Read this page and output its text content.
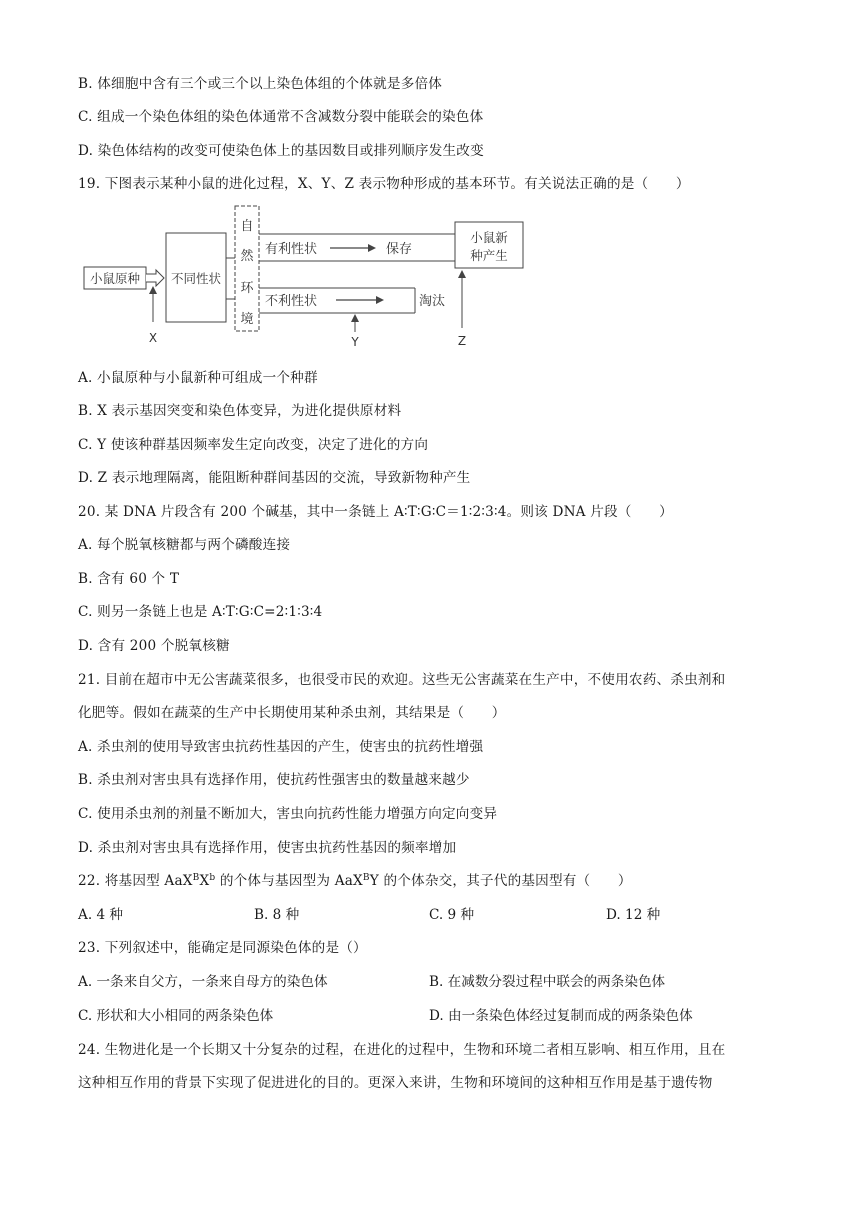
B. 体细胞中含有三个或三个以上染色体组的个体就是多倍体
C. 组成一个染色体组的染色体通常不含减数分裂中能联会的染色体
D. 染色体结构的改变可使染色体上的基因数目或排列顺序发生改变
19. 下图表示某种小鼠的进化过程，X、Y、Z 表示物种形成的基本环节。有关说法正确的是（　　）
小鼠原种 不同性状
自
然
环
境
有利性状	保存
小鼠新
种产生
不利性状	淘汰
X	Y	Z
A. 小鼠原种与小鼠新种可组成一个种群
B. X 表示基因突变和染色体变异，为进化提供原材料
C. Y 使该种群基因频率发生定向改变，决定了进化的方向
D. Z 表示地理隔离，能阻断种群间基因的交流，导致新物种产生
20. 某 DNA 片段含有 200 个碱基，其中一条链上 A∶T∶G∶C＝1∶2∶3∶4。则该 DNA 片段（　　）
A. 每个脱氧核糖都与两个磷酸连接
B. 含有 60 个 T
C. 则另一条链上也是 A∶T∶G∶C=2∶1∶3∶4
D. 含有 200 个脱氧核糖
21. 目前在超市中无公害蔬菜很多，也很受市民的欢迎。这些无公害蔬菜在生产中，不使用农药、杀虫剂和
化肥等。假如在蔬菜的生产中长期使用某种杀虫剂，其结果是（　　）
A. 杀虫剂的使用导致害虫抗药性基因的产生，使害虫的抗药性增强
B. 杀虫剂对害虫具有选择作用，使抗药性强害虫的数量越来越少
C. 使用杀虫剂的剂量不断加大，害虫向抗药性能力增强方向定向变异
D. 杀虫剂对害虫具有选择作用，使害虫抗药性基因的频率增加
22. 将基因型 $AaX^BX^b$ 的个体与基因型为 AaX$^B$Y 的个体杂交，其子代的基因型有（　　）
A. 4 种	B. 8 种	C. 9 种	D. 12 种
23. 下列叙述中，能确定是同源染色体的是（）
A. 一条来自父方，一条来自母方的染色体	B. 在减数分裂过程中联会的两条染色体
C. 形状和大小相同的两条染色体	D. 由一条染色体经过复制而成的两条染色体
24. 生物进化是一个长期又十分复杂的过程，在进化的过程中，生物和环境二者相互影响、相互作用，且在
这种相互作用的背景下实现了促进进化的目的。更深入来讲，生物和环境间的这种相互作用是基于遗传物
